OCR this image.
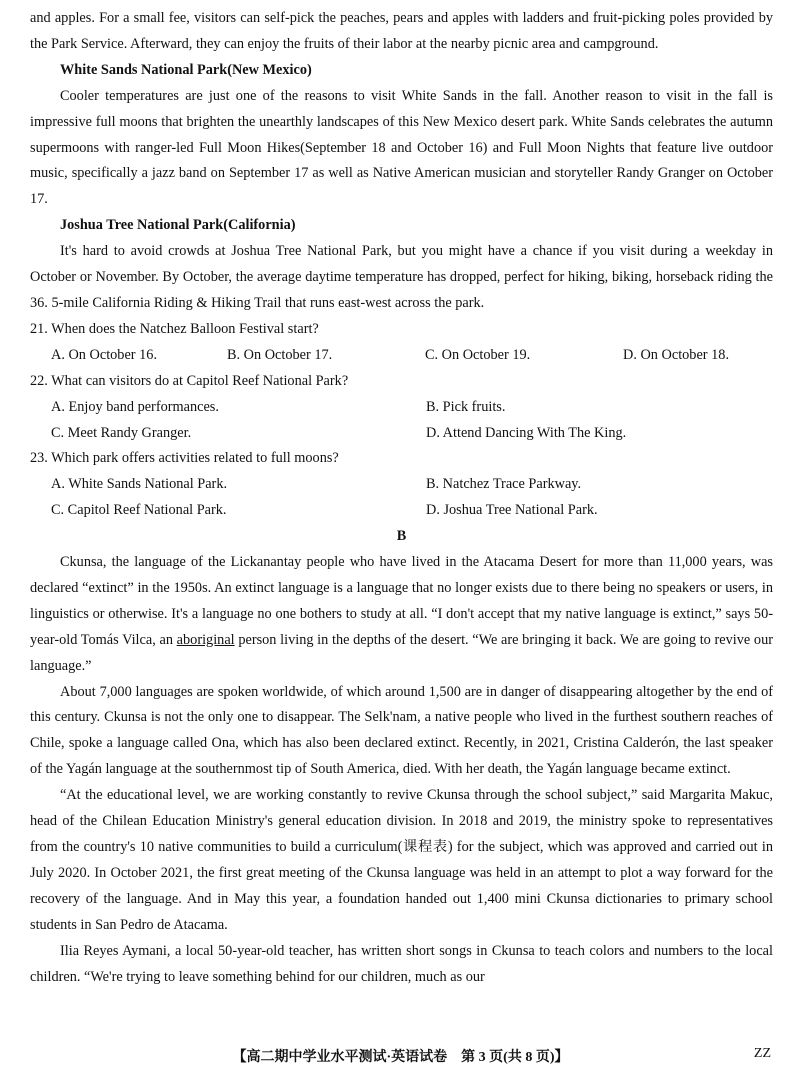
and apples. For a small fee, visitors can self-pick the peaches, pears and apples with ladders and fruit-picking poles provided by the Park Service. Afterward, they can enjoy the fruits of their labor at the nearby picnic area and campground.

White Sands National Park(New Mexico)

Cooler temperatures are just one of the reasons to visit White Sands in the fall. Another reason to visit in the fall is impressive full moons that brighten the unearthly landscapes of this New Mexico desert park. White Sands celebrates the autumn supermoons with ranger-led Full Moon Hikes(September 18 and October 16) and Full Moon Nights that feature live outdoor music, specifically a jazz band on September 17 as well as Native American musician and storyteller Randy Granger on October 17.

Joshua Tree National Park(California)

It's hard to avoid crowds at Joshua Tree National Park, but you might have a chance if you visit during a weekday in October or November. By October, the average daytime temperature has dropped, perfect for hiking, biking, horseback riding the 36. 5-mile California Riding & Hiking Trail that runs east-west across the park.

21. When does the Natchez Balloon Festival start?

A. On October 16.	B. On October 17.	C. On October 19.	D. On October 18.

22. What can visitors do at Capitol Reef National Park?

A. Enjoy band performances.	B. Pick fruits.
C. Meet Randy Granger.	D. Attend Dancing With The King.

23. Which park offers activities related to full moons?

A. White Sands National Park.	B. Natchez Trace Parkway.
C. Capitol Reef National Park.	D. Joshua Tree National Park.

B

Ckunsa, the language of the Lickanantay people who have lived in the Atacama Desert for more than 11,000 years, was declared “extinct” in the 1950s. An extinct language is a language that no longer exists due to there being no speakers or users, in linguistics or otherwise. It's a language no one bothers to study at all. “I don't accept that my native language is extinct,” says 50-year-old Tomás Vilca, an aboriginal person living in the depths of the desert. “We are bringing it back. We are going to revive our language.”

About 7,000 languages are spoken worldwide, of which around 1,500 are in danger of disappearing altogether by the end of this century. Ckunsa is not the only one to disappear. The Selk'nam, a native people who lived in the furthest southern reaches of Chile, spoke a language called Ona, which has also been declared extinct. Recently, in 2021, Cristina Calderón, the last speaker of the Yagán language at the southernmost tip of South America, died. With her death, the Yagán language became extinct.

“At the educational level, we are working constantly to revive Ckunsa through the school subject,” said Margarita Makuc, head of the Chilean Education Ministry's general education division. In 2018 and 2019, the ministry spoke to representatives from the country's 10 native communities to build a curriculum(课程表) for the subject, which was approved and carried out in July 2020. In October 2021, the first great meeting of the Ckunsa language was held in an attempt to plot a way forward for the recovery of the language. And in May this year, a foundation handed out 1,400 mini Ckunsa dictionaries to primary school students in San Pedro de Atacama.

Ilia Reyes Aymani, a local 50-year-old teacher, has written short songs in Ckunsa to teach colors and numbers to the local children. “We're trying to leave something behind for our children, much as our

【高二期中学业水平测试·英语试卷　第 3 页(共 8 页)】	ZZ
